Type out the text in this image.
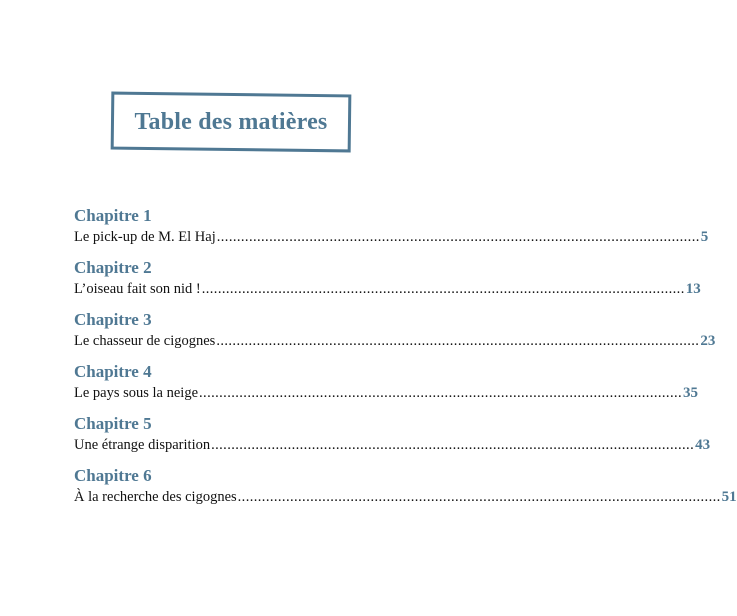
Table des matières
Chapitre 1
Le pick-up de M. El Haj ........................................................................................................................ 5
Chapitre 2
L’oiseau fait son nid ! ........................................................................................................................ 13
Chapitre 3
Le chasseur de cigognes ........................................................................................................................ 23
Chapitre 4
Le pays sous la neige ........................................................................................................................ 35
Chapitre 5
Une étrange disparition ........................................................................................................................ 43
Chapitre 6
À la recherche des cigognes ........................................................................................................................ 51
